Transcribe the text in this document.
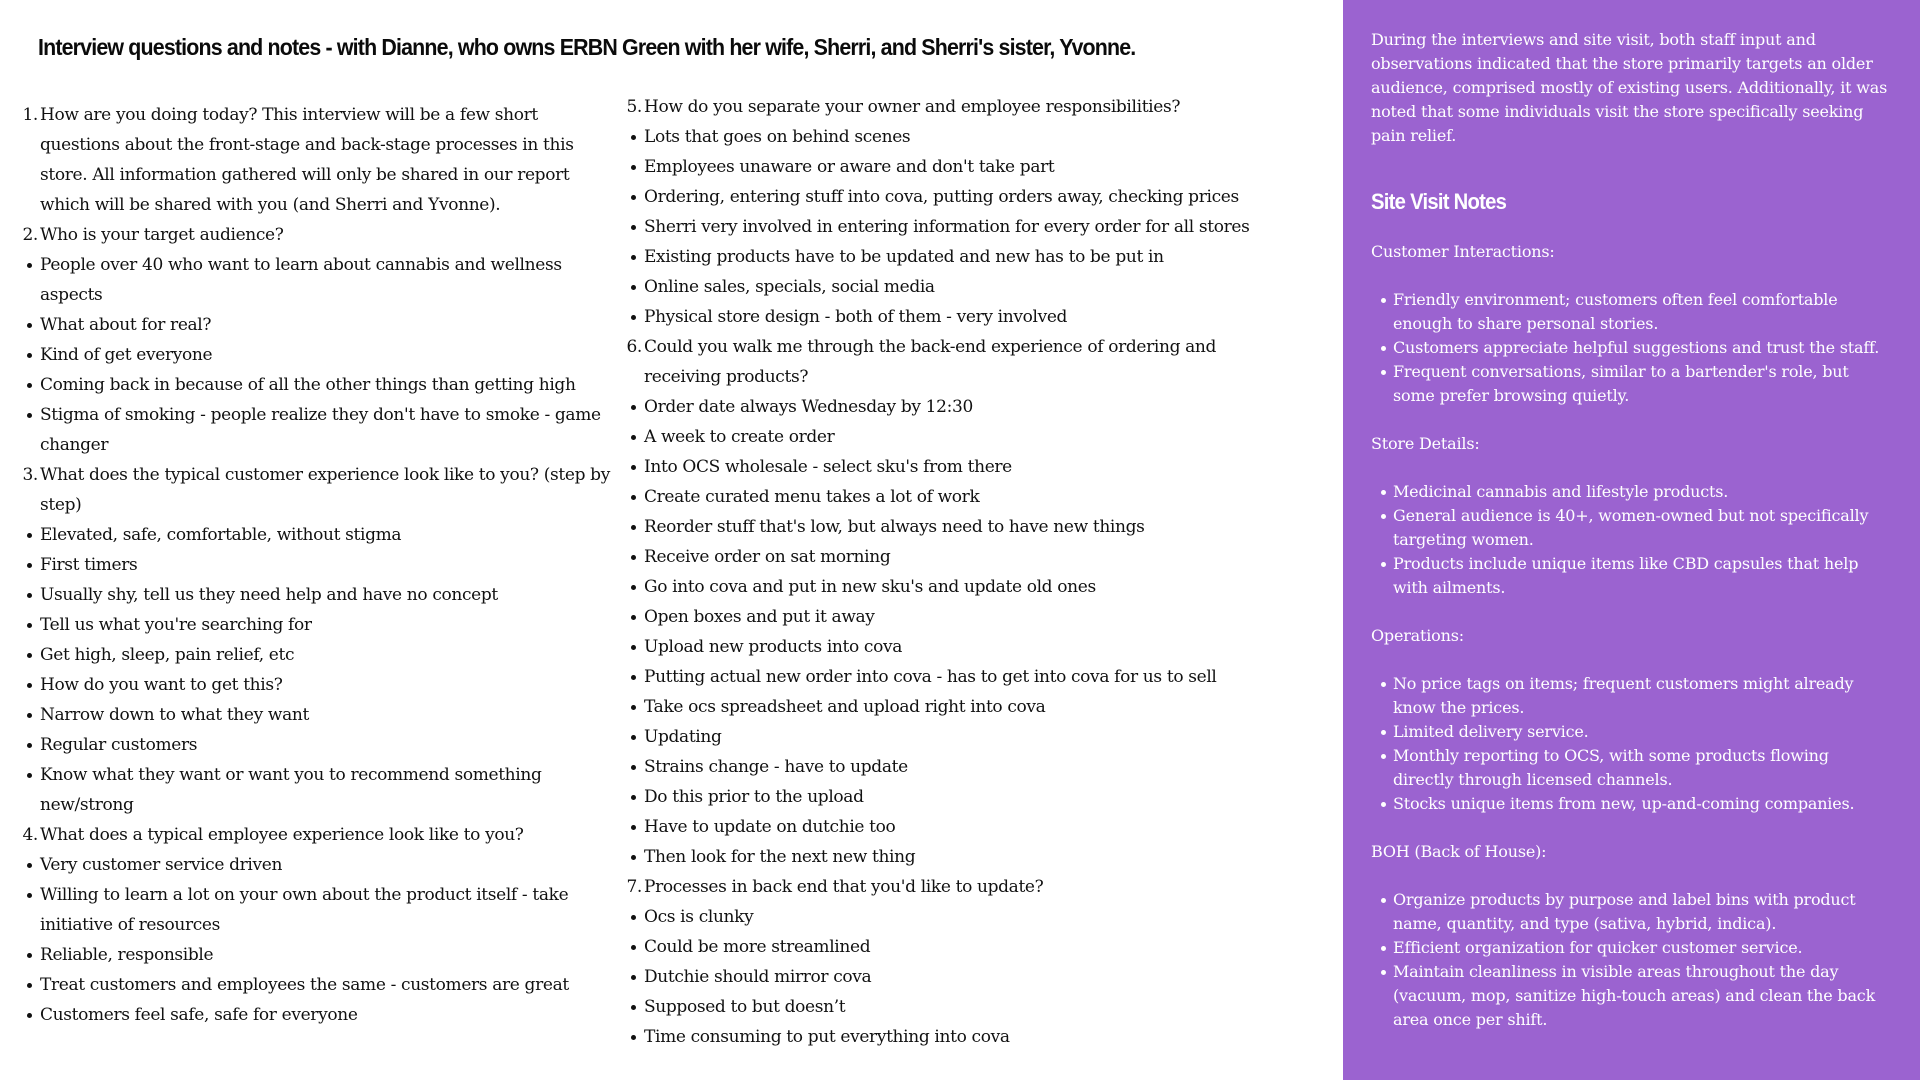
Interview questions and notes - with Dianne, who owns ERBN Green with her wife, Sherri, and Sherri's sister, Yvonne.
1. How are you doing today? This interview will be a few short questions about the front-stage and back-stage processes in this store. All information gathered will only be shared in our report which will be shared with you (and Sherri and Yvonne).
2. Who is your target audience?
People over 40 who want to learn about cannabis and wellness aspects
What about for real?
Kind of get everyone
Coming back in because of all the other things than getting high
Stigma of smoking - people realize they don't have to smoke - game changer
3. What does the typical customer experience look like to you? (step by step)
Elevated, safe, comfortable, without stigma
First timers
Usually shy, tell us they need help and have no concept
Tell us what you're searching for
Get high, sleep, pain relief, etc
How do you want to get this?
Narrow down to what they want
Regular customers
Know what they want or want you to recommend something new/strong
4. What does a typical employee experience look like to you?
Very customer service driven
Willing to learn a lot on your own about the product itself - take initiative of resources
Reliable, responsible
Treat customers and employees the same - customers are great
Customers feel safe, safe for everyone
5. How do you separate your owner and employee responsibilities?
Lots that goes on behind scenes
Employees unaware or aware and don't take part
Ordering, entering stuff into cova, putting orders away, checking prices
Sherri very involved in entering information for every order for all stores
Existing products have to be updated and new has to be put in
Online sales, specials, social media
Physical store design - both of them - very involved
6. Could you walk me through the back-end experience of ordering and receiving products?
Order date always Wednesday by 12:30
A week to create order
Into OCS wholesale - select sku's from there
Create curated menu takes a lot of work
Reorder stuff that's low, but always need to have new things
Receive order on sat morning
Go into cova and put in new sku's and update old ones
Open boxes and put it away
Upload new products into cova
Putting actual new order into cova - has to get into cova for us to sell
Take ocs spreadsheet and upload right into cova
Updating
Strains change - have to update
Do this prior to the upload
Have to update on dutchie too
Then look for the next new thing
7. Processes in back end that you'd like to update?
Ocs is clunky
Could be more streamlined
Dutchie should mirror cova
Supposed to but doesn’t
Time consuming to put everything into cova

During the interviews and site visit, both staff input and observations indicated that the store primarily targets an older audience, comprised mostly of existing users. Additionally, it was noted that some individuals visit the store specifically seeking pain relief.

Site Visit Notes

Customer Interactions:

Friendly environment; customers often feel comfortable enough to share personal stories.
Customers appreciate helpful suggestions and trust the staff.
Frequent conversations, similar to a bartender's role, but some prefer browsing quietly.

Store Details:

Medicinal cannabis and lifestyle products.
General audience is 40+, women-owned but not specifically targeting women.
Products include unique items like CBD capsules that help with ailments.

Operations:

No price tags on items; frequent customers might already know the prices.
Limited delivery service.
Monthly reporting to OCS, with some products flowing directly through licensed channels.
Stocks unique items from new, up-and-coming companies.

BOH (Back of House):

Organize products by purpose and label bins with product name, quantity, and type (sativa, hybrid, indica).
Efficient organization for quicker customer service.
Maintain cleanliness in visible areas throughout the day (vacuum, mop, sanitize high-touch areas) and clean the back area once per shift.
